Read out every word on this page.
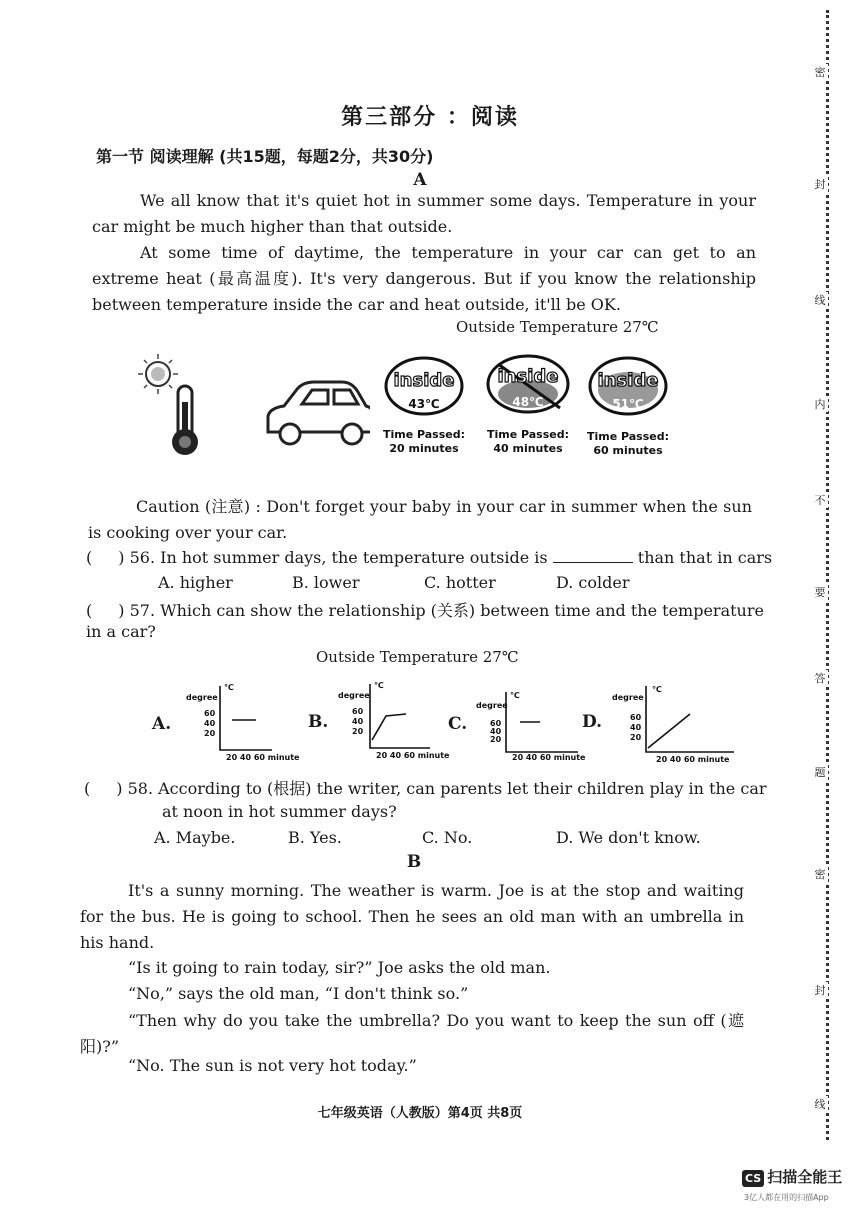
密
封
线
内
不
要
答
题
密
封
线
第三部分 ：阅读
第一节 阅读理解 (共15题，每题2分，共30分)
A
We all know that it's quiet hot in summer some days. Temperature in your car might be much higher than that outside.
At some time of daytime, the temperature in your car can get to an extreme heat (最高温度). It's very dangerous. But if you know the relationship between temperature inside the car and heat outside, it'll be OK.
Outside Temperature 27℃
inside
43℃
Time Passed:
20 minutes
inside
48℃
Time Passed:
40 minutes
inside
51℃
Time Passed:
60 minutes
Caution (注意) : Don't forget your baby in your car in summer when the sun is cooking over your car.
( ) 56. In hot summer days, the temperature outside is	than that in cars
A. higher	B. lower	C. hotter	D. colder
( ) 57. Which can show the relationship (关系) between time and the temperature
in a car?
Outside Temperature 27℃
A.	B.	C.	D.
degree
℃
60
40
20
20 40 60 minute
degree
℃
60
40
20
20 40 60 minute
degree
℃
60
40
20
20 40 60 minute
degree
℃
60
40
20
20 40 60 minute
( ) 58. According to (根据) the writer, can parents let their children play in the car
at noon in hot summer days?
A. Maybe.	B. Yes.	C. No.	D. We don't know.
B
It's a sunny morning. The weather is warm. Joe is at the stop and waiting for the bus. He is going to school. Then he sees an old man with an umbrella in his hand.
“Is it going to rain today, sir?” Joe asks the old man.
“No,” says the old man, “I don't think so.”
“Then why do you take the umbrella? Do you want to keep the sun off (遮阳)?”
“No. The sun is not very hot today.”
七年级英语（人教版）第4页 共8页
CS 扫描全能王
3亿人都在用的扫描App
